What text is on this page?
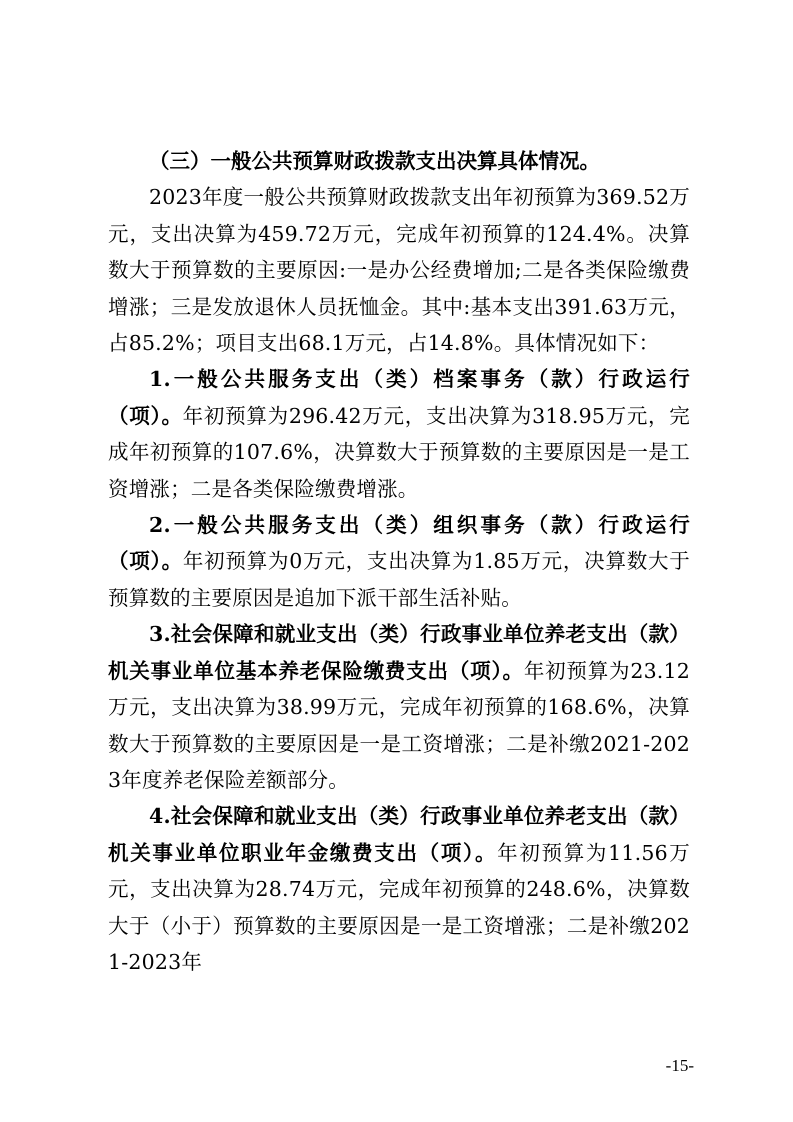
（三）一般公共预算财政拨款支出决算具体情况。

2023年度一般公共预算财政拨款支出年初预算为369.52万元，支出决算为459.72万元，完成年初预算的124.4%。决算数大于预算数的主要原因:一是办公经费增加;二是各类保险缴费增涨；三是发放退休人员抚恤金。其中:基本支出391.63万元，占85.2%；项目支出68.1万元，占14.8%。具体情况如下：

1.一般公共服务支出（类）档案事务（款）行政运行（项）。年初预算为296.42万元，支出决算为318.95万元，完成年初预算的107.6%，决算数大于预算数的主要原因是一是工资增涨；二是各类保险缴费增涨。

2.一般公共服务支出（类）组织事务（款）行政运行（项）。年初预算为0万元，支出决算为1.85万元，决算数大于预算数的主要原因是追加下派干部生活补贴。

3.社会保障和就业支出（类）行政事业单位养老支出（款）机关事业单位基本养老保险缴费支出（项）。年初预算为23.12万元，支出决算为38.99万元，完成年初预算的168.6%，决算数大于预算数的主要原因是一是工资增涨；二是补缴2021-2023年度养老保险差额部分。

4.社会保障和就业支出（类）行政事业单位养老支出（款）机关事业单位职业年金缴费支出（项）。年初预算为11.56万元，支出决算为28.74万元，完成年初预算的248.6%，决算数大于（小于）预算数的主要原因是一是工资增涨；二是补缴2021-2023年

-15-
